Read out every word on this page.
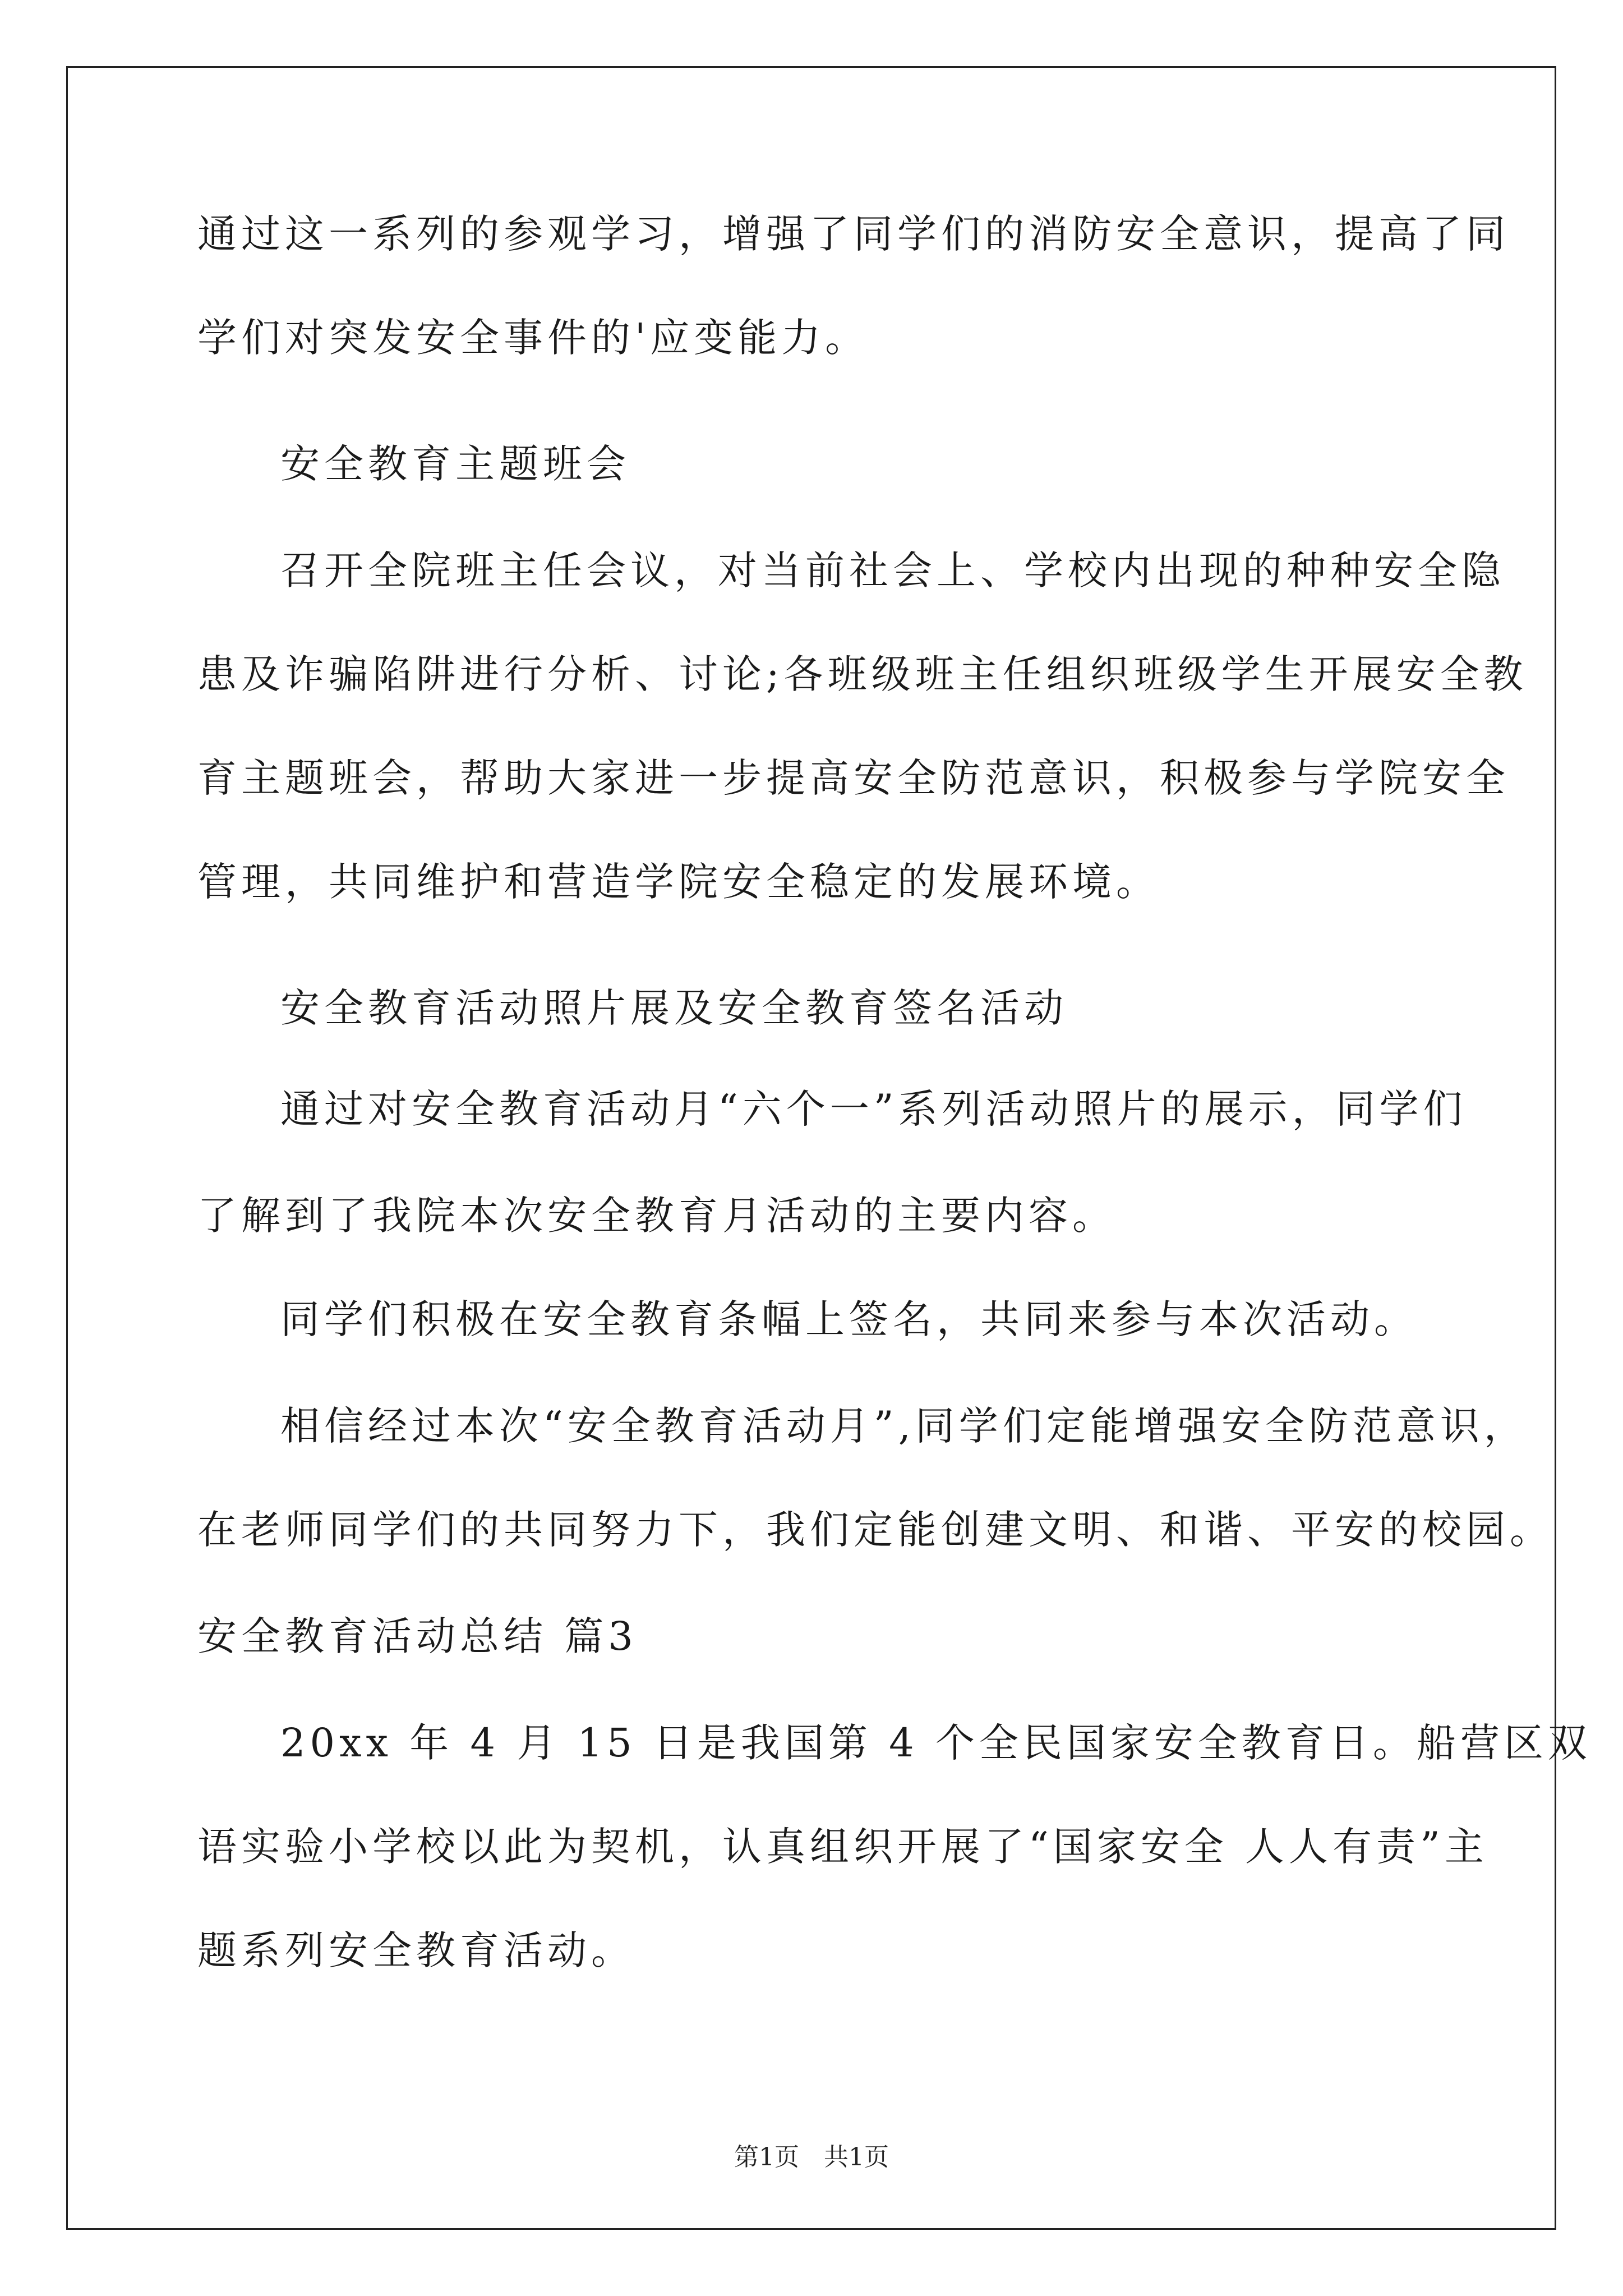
通过这一系列的参观学习，增强了同学们的消防安全意识，提高了同
学们对突发安全事件的'应变能力。
安全教育主题班会
召开全院班主任会议，对当前社会上、学校内出现的种种安全隐
患及诈骗陷阱进行分析、讨论;各班级班主任组织班级学生开展安全教
育主题班会，帮助大家进一步提高安全防范意识，积极参与学院安全
管理，共同维护和营造学院安全稳定的发展环境。
安全教育活动照片展及安全教育签名活动
通过对安全教育活动月“六个一”系列活动照片的展示，同学们
了解到了我院本次安全教育月活动的主要内容。
同学们积极在安全教育条幅上签名，共同来参与本次活动。
相信经过本次“安全教育活动月”,同学们定能增强安全防范意识，
在老师同学们的共同努力下，我们定能创建文明、和谐、平安的校园。
安全教育活动总结 篇3
20xx 年 4 月 15 日是我国第 4 个全民国家安全教育日。船营区双
语实验小学校以此为契机，认真组织开展了“国家安全 人人有责”主
题系列安全教育活动。
第1页　共1页
